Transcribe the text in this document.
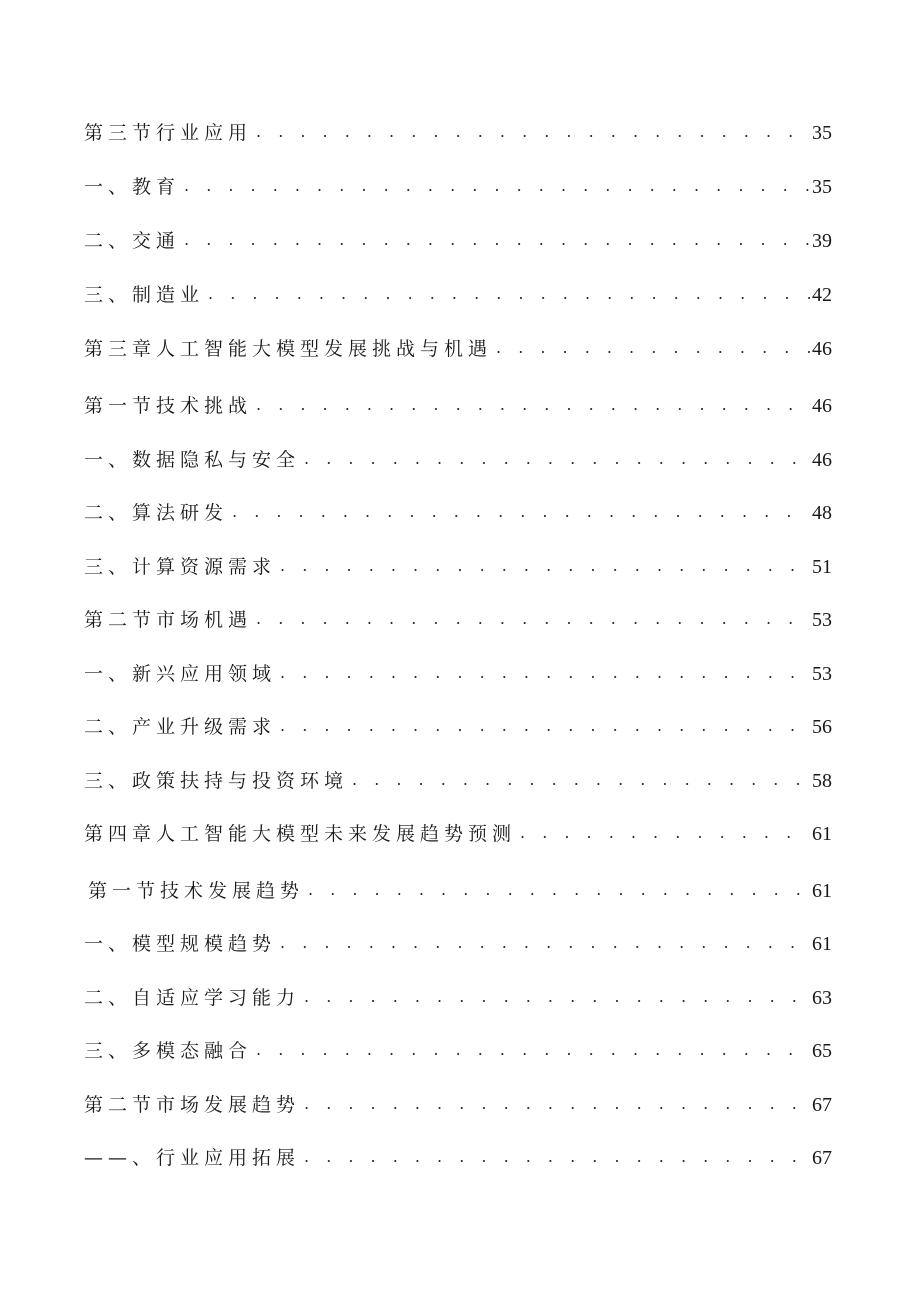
第三节行业应用 . . .	35
一、教育 . . .	35
二、交通 . . .	39
三、制造业 . . .	42
第三章人工智能大模型发展挑战与机遇 . . .	46
第一节技术挑战 . . .	46
一、数据隐私与安全 . . .	46
二、算法研发 . . .	48
三、计算资源需求 . . .	51
第二节市场机遇 . . .	53
一、新兴应用领域 . . .	53
二、产业升级需求 . . .	56
三、政策扶持与投资环境 . . .	58
第四章人工智能大模型未来发展趋势预测 . . .	61
第一节技术发展趋势 . . .	61
一、模型规模趋势 . . .	61
二、自适应学习能力 . . .	63
三、多模态融合 . . .	65
第二节市场发展趋势 . . .	67
——、行业应用拓展 . . .	67
